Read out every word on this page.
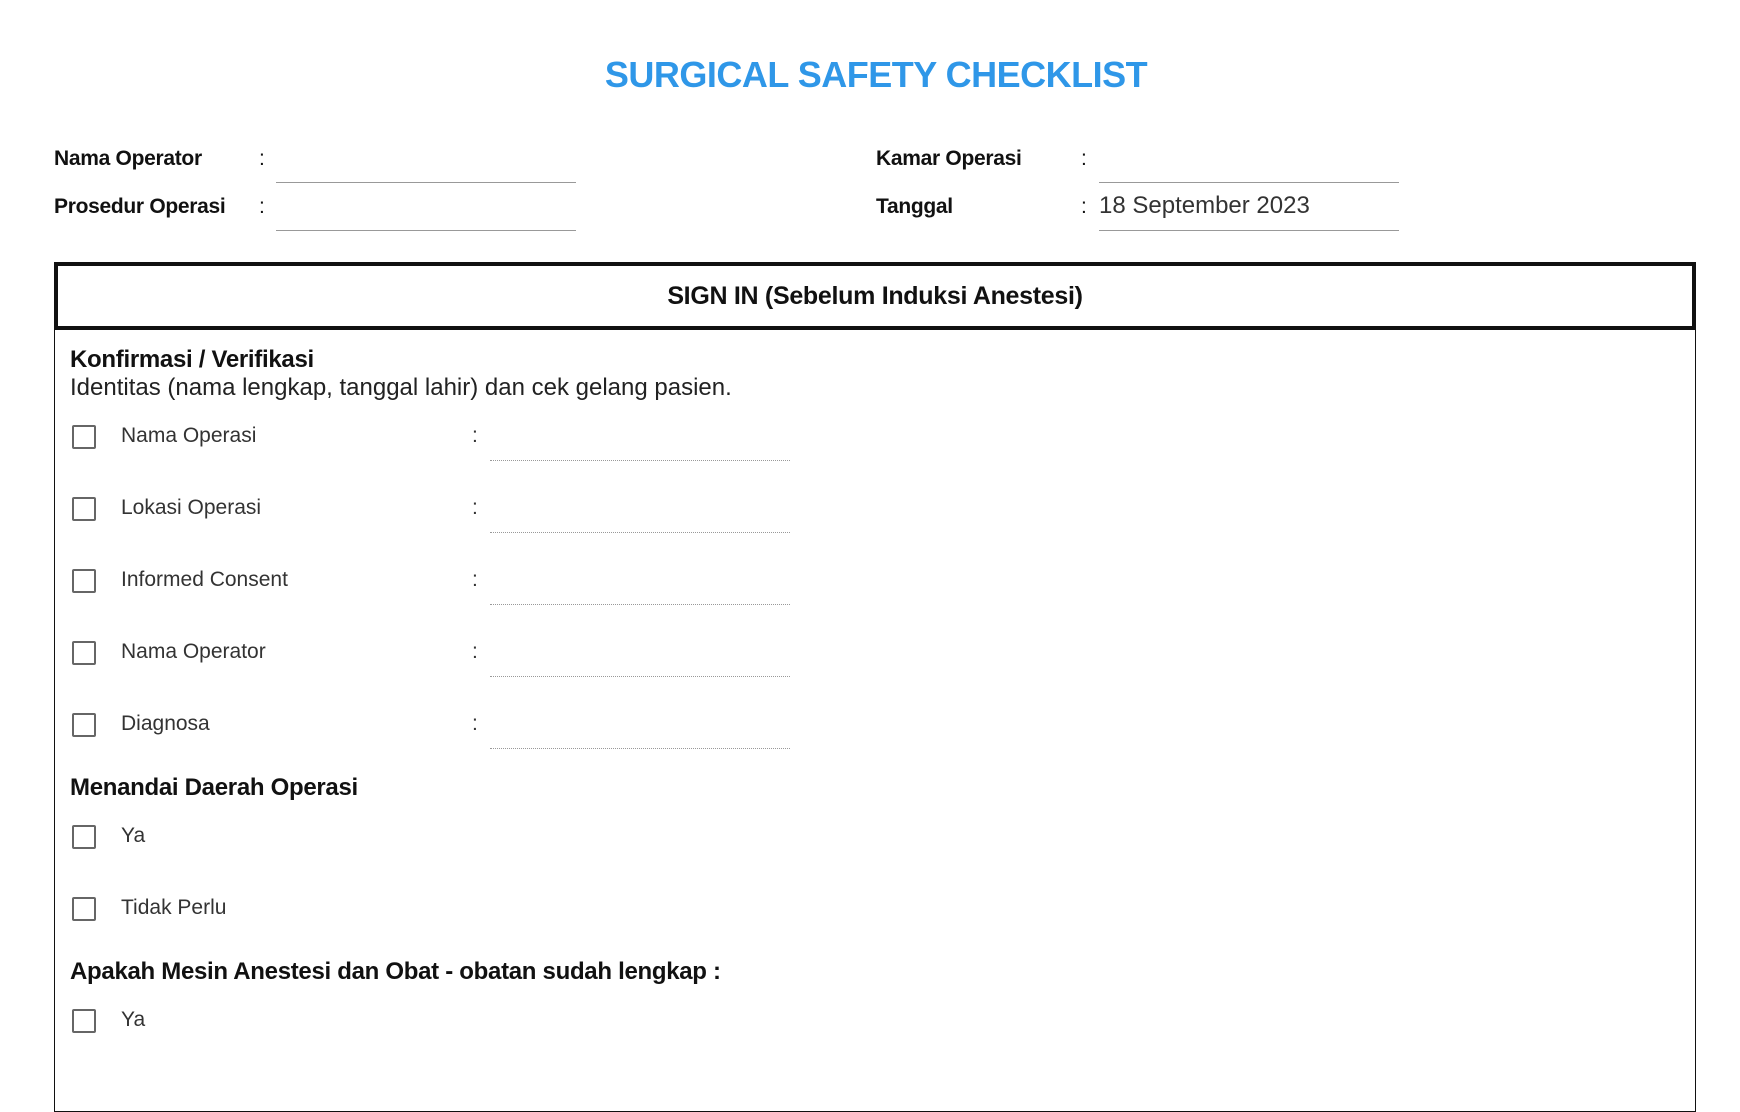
SURGICAL SAFETY CHECKLIST
Nama Operator	:
Prosedur Operasi :
Kamar Operasi	:
Tanggal	: 18 September 2023
SIGN IN (Sebelum Induksi Anestesi)
Konfirmasi / Verifikasi
Identitas (nama lengkap, tanggal lahir) dan cek gelang pasien.
Nama Operasi	:
Lokasi Operasi	:
Informed Consent	:
Nama Operator	:
Diagnosa	:
Menandai Daerah Operasi
Ya
Tidak Perlu
Apakah Mesin Anestesi dan Obat - obatan sudah lengkap :
Ya
